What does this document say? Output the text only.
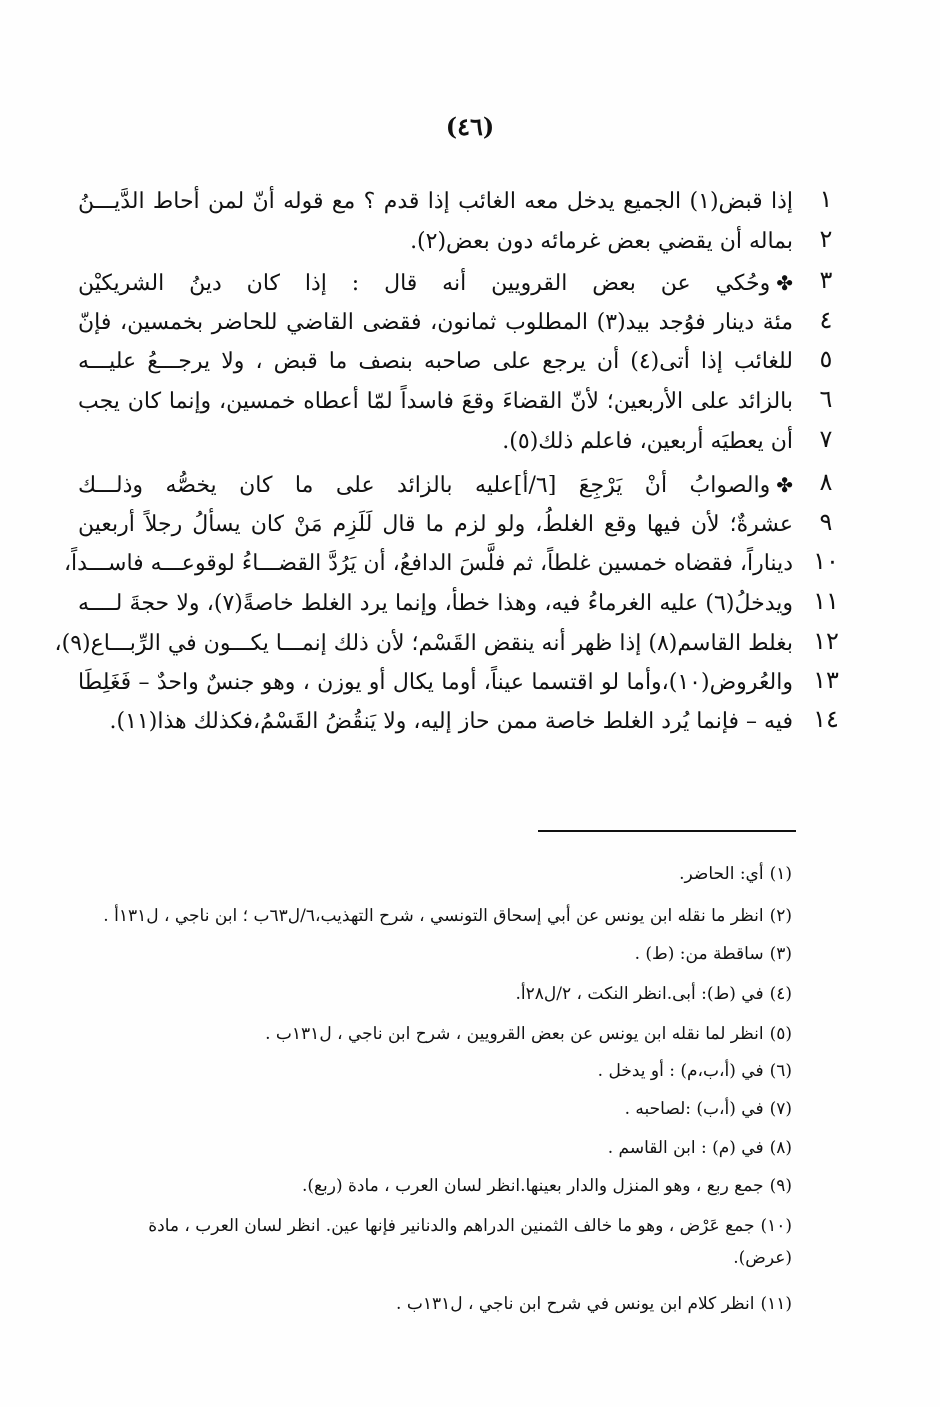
(٤٦)
١
إذا قبض(١) الجميع يدخل معه الغائب إذا قدم ؟ مع قوله أنّ لمن أحاط الدَّيـــنُ
٢
بماله أن يقضي بعض غرمائه دون بعض(٢).
٣
✤وحُكي عن بعض القرويين أنه قال : إذا كان دينُ الشريكيْن
٤
مئة دينار فوُجد بيد(٣) المطلوب ثمانون، فقضى القاضي للحاضر بخمسين، فإنّ
٥
للغائب إذا أتى(٤) أن يرجع على صاحبه بنصف ما قبض ، ولا يرجـــعُ عليـــه
٦
بالزائد على الأربعين؛ لأنّ القضاءَ وقعَ فاسداً لمّا أعطاه خمسين، وإنما كان يجب
٧
أن يعطيَه أربعين، فاعلم ذلك(٥).
٨
✤والصوابُ أنْ يَرْجِعَ [٦/أ]عليه بالزائد على ما كان يخصُّه وذلـــك
٩
عشرةٌ؛ لأن فيها وقع الغلطُ، ولو لزم ما قال لَلَزِم مَنْ كان يسألُ رجلاً أربعين
١٠
ديناراً، فقضاه خمسين غلطاً، ثم فلَّسَ الدافعُ، أن يَرُدَّ القضـــاءُ لوقوعـــه فاســـداً،
١١
ويدخلُ(٦) عليه الغرماءُ فيه، وهذا خطأ، وإنما يرد الغلط خاصةً(٧)، ولا حجةَ لــــه
١٢
بغلط القاسم(٨) إذا ظهر أنه ينقض القَسْم؛ لأن ذلك إنمـــا يكـــون في الرِّبـــاع(٩)،
١٣
والعُروض(١٠)،وأما لو اقتسما عيناً، أوما يكال أو يوزن ، وهو جنسٌ واحدٌ – فَغَلِطَا
١٤
فيه – فإنما يُرد الغلط خاصة ممن حاز إليه، ولا يَنقُضُ القَسْمُ،فكذلك هذا(١١).
(١)أي: الحاضر.
(٢)انظر ما نقله ابن يونس عن أبي إسحاق التونسي ، شرح التهذيب،٦/ل٦٣ب ؛ ابن ناجي ، ل١٣١أ .
(٣)ساقطة من: (ط) .
(٤)في (ط): أبى.انظر النكت ، ٢/ل٢٨أ.
(٥)انظر لما نقله ابن يونس عن بعض القرويين ، شرح ابن ناجي ، ل١٣١ب .
(٦)في (أ،ب،م) : أو يدخل .
(٧)في (أ،ب) :لصاحبه .
(٨)في (م) : ابن القاسم .
(٩)جمع ربع ، وهو المنزل والدار بعينها.انظر لسان العرب ، مادة (ربع).
(١٠)جمع عَرْض ، وهو ما خالف الثمنين الدراهم والدنانير فإنها عين. انظر لسان العرب ، مادة (عرض).
(١١)انظر كلام ابن يونس في شرح ابن ناجي ، ل١٣١ب .
